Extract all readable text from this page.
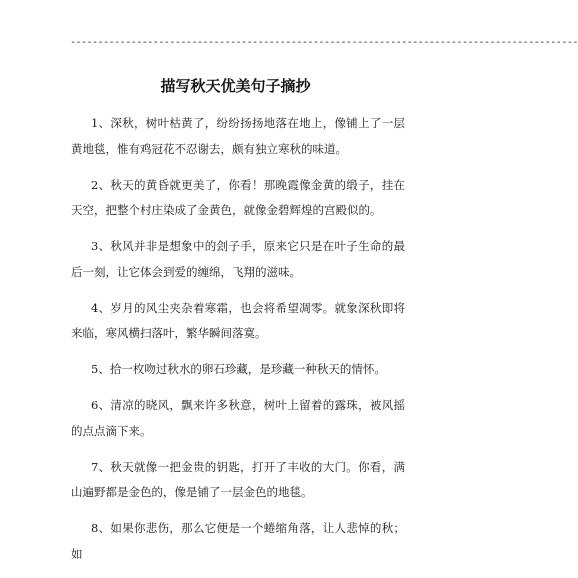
--------------------------------------------------------------------------------------------
描写秋天优美句子摘抄

1、深秋，树叶枯黄了，纷纷扬扬地落在地上，像铺上了一层黄地毯，惟有鸡冠花不忍谢去，颇有独立寒秋的味道。

2、秋天的黄昏就更美了，你看！那晚霞像金黄的缎子，挂在天空，把整个村庄染成了金黄色，就像金碧辉煌的宫殿似的。

3、秋风并非是想象中的刽子手，原来它只是在叶子生命的最后一刻，让它体会到爱的缠绵，飞翔的滋味。

4、岁月的风尘夹杂着寒霜，也会将希望凋零。就象深秋即将来临，寒风横扫落叶，繁华瞬间落寞。

5、拾一枚吻过秋水的卵石珍藏，是珍藏一种秋天的情怀。

6、清凉的晓风，飘来许多秋意，树叶上留着的露珠，被风摇的点点滴下来。

7、秋天就像一把金贵的钥匙，打开了丰收的大门。你看，满山遍野都是金色的，像是铺了一层金色的地毯。

8、如果你悲伤，那么它便是一个蜷缩角落，让人悲悼的秋；如
